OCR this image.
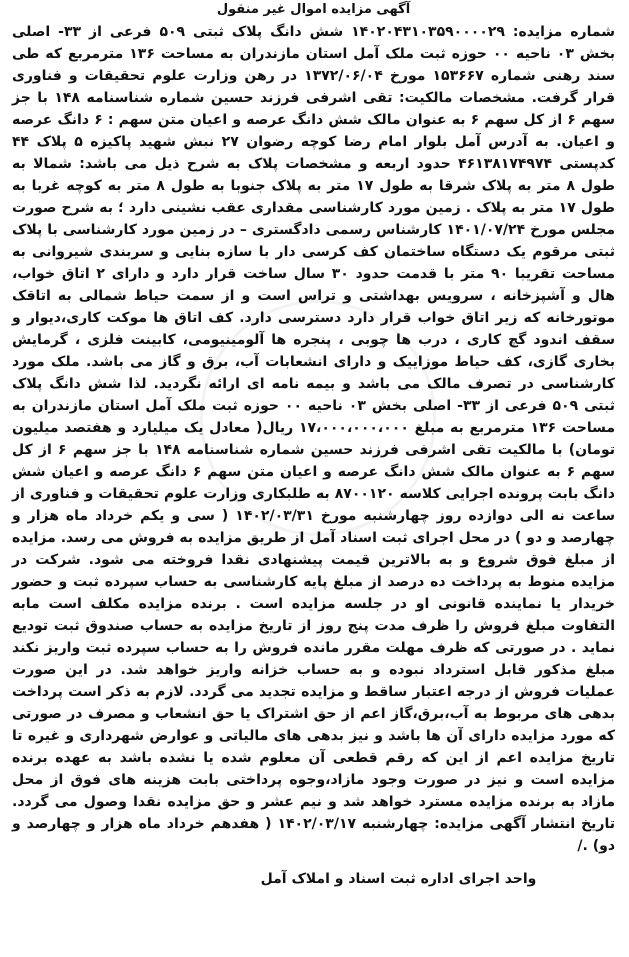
آگهی مزایده اموال غیر منقول

شماره مزایده: ۱۴۰۲۰۴۳۱۰۳۵۹۰۰۰۰۲۹ شش دانگ پلاک ثبتی ۵۰۹ فرعی از ۳۳- اصلی بخش ۰۳ ناحیه ۰۰ حوزه ثبت ملک آمل استان مازندران به مساحت ۱۳۶ مترمربع که طی سند رهنی شماره ۱۵۳۶۶۷ مورخ ۱۳۷۲/۰۶/۰۴ در رهن وزارت علوم تحقیقات و فناوری قرار گرفت. مشخصات مالکیت: تقی اشرفی فرزند حسین شماره شناسنامه ۱۴۸ با جز سهم ۶ از کل سهم ۶ به عنوان مالک شش دانگ عرصه و اعیان متن سهم : ۶ دانگ عرصه و اعیان. به آدرس آمل بلوار امام رضا کوچه رضوان ۲۷ نبش شهید پاکیزه ۵ پلاک ۴۴ کدپستی ۴۶۱۳۸۱۷۴۹۷۴ حدود اربعه و مشخصات پلاک به شرح ذیل می باشد: شمالا به طول ۸ متر به پلاک شرقا به طول ۱۷ متر به پلاک جنوبا به طول ۸ متر به کوچه غربا به طول ۱۷ متر به پلاک . زمین مورد کارشناسی مقداری عقب نشینی دارد ؛ به شرح صورت مجلس مورخ ۱۴۰۱/۰۷/۲۴ کارشناس رسمی دادگستری – در زمین مورد کارشناسی با پلاک ثبتی مرقوم یک دستگاه ساختمان کف کرسی دار با سازه بنایی و سربندی شیروانی به مساحت تقریبا ۹۰ متر با قدمت حدود ۳۰ سال ساخت قرار دارد و دارای ۲ اتاق خواب، هال و آشپزخانه ، سرویس بهداشتی و تراس است و از سمت حیاط شمالی به اتاقک موتورخانه که زیر اتاق خواب قرار دارد دسترسی دارد. کف اتاق ها موکت کاری،دیوار و سقف اندود گچ کاری ، درب ها چوبی ، پنجره ها آلومینیومی، کابینت فلزی ، گرمایش بخاری گازی، کف حیاط موزاییک و دارای انشعابات آب، برق و گاز می باشد. ملک مورد کارشناسی در تصرف مالک می باشد و بیمه نامه ای ارائه نگردید. لذا شش دانگ پلاک ثبتی ۵۰۹ فرعی از ۳۳- اصلی بخش ۰۳ ناحیه ۰۰ حوزه ثبت ملک آمل استان مازندران به مساحت ۱۳۶ مترمربع به مبلغ ۱۷،۰۰۰،۰۰۰،۰۰۰ ریال( معادل یک میلیارد و هفتصد میلیون تومان) با مالکیت تقی اشرفی فرزند حسین شماره شناسنامه ۱۴۸ با جز سهم ۶ از کل سهم ۶ به عنوان مالک شش دانگ عرصه و اعیان متن سهم ۶ دانگ عرصه و اعیان شش دانگ بابت پرونده اجرایی کلاسه ۸۷۰۰۱۲۰ به طلبکاری وزارت علوم تحقیقات و فناوری از ساعت نه الی دوازده روز چهارشنبه مورخ ۱۴۰۲/۰۳/۳۱ ( سی و یکم خرداد ماه هزار و چهارصد و دو ) در محل اجرای ثبت اسناد آمل از طریق مزایده به فروش می رسد. مزایده از مبلغ فوق شروع و به بالاترین قیمت پیشنهادی نقدا فروخته می شود. شرکت در مزایده منوط به پرداخت ده درصد از مبلغ پایه کارشناسی به حساب سپرده ثبت و حضور خریدار یا نماینده قانونی او در جلسه مزایده است . برنده مزایده مکلف است مابه التفاوت مبلغ فروش را ظرف مدت پنج روز از تاریخ مزایده به حساب صندوق ثبت تودیع نماید . در صورتی که ظرف مهلت مقرر مانده فروش را به حساب سپرده ثبت واریز نکند مبلغ مذکور قابل استرداد نبوده و به حساب خزانه واریز خواهد شد. در این صورت عملیات فروش از درجه اعتبار ساقط و مزایده تجدید می گردد. لازم به ذکر است پرداخت بدهی های مربوط به آب،برق،گاز اعم از حق اشتراک یا حق انشعاب و مصرف در صورتی که مورد مزایده دارای آن ها باشد و نیز بدهی های مالیاتی و عوارض شهرداری و غیره تا تاریخ مزایده اعم از این که رقم قطعی آن معلوم شده یا نشده باشد به عهده برنده مزایده است و نیز در صورت وجود مازاد،وجوه پرداختی بابت هزینه های فوق از محل مازاد به برنده مزایده مسترد خواهد شد و نیم عشر و حق مزایده نقدا وصول می گردد. تاریخ انتشار آگهی مزایده: چهارشنبه ۱۴۰۲/۰۳/۱۷ ( هفدهم خرداد ماه هزار و چهارصد و دو) ./

واحد اجرای اداره ثبت اسناد و املاک آمل
